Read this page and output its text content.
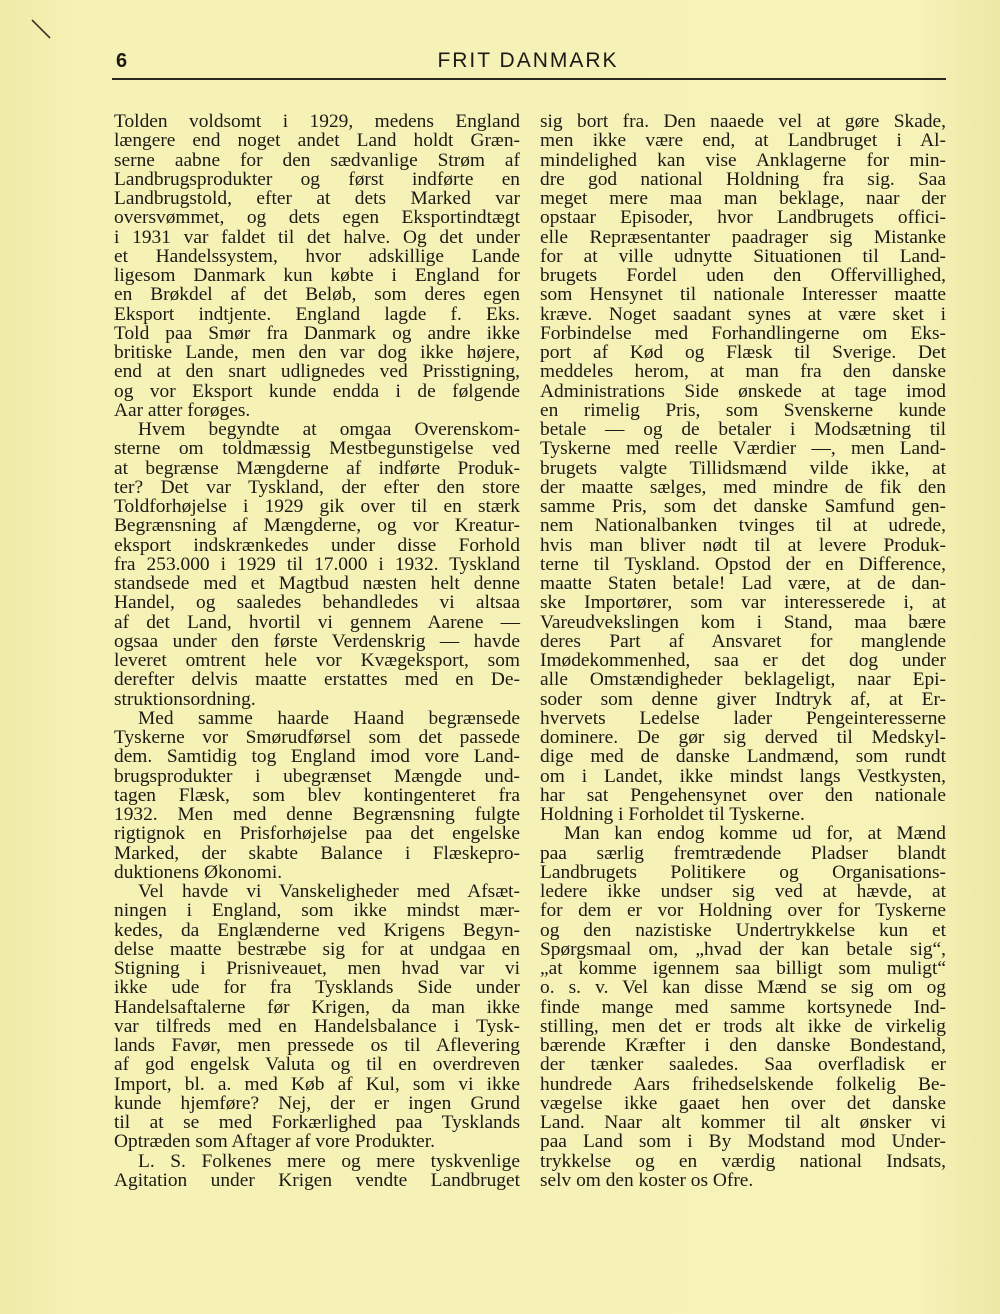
6	FRIT DANMARK
Tolden voldsomt i 1929, medens England
længere end noget andet Land holdt Græn-
serne aabne for den sædvanlige Strøm af
Landbrugsprodukter og først indførte en
Landbrugstold, efter at dets Marked var
oversvømmet, og dets egen Eksportindtægt
i 1931 var faldet til det halve. Og det under
et Handelssystem, hvor adskillige Lande
ligesom Danmark kun købte i England for
en Brøkdel af det Beløb, som deres egen
Eksport indtjente. England lagde f. Eks.
Told paa Smør fra Danmark og andre ikke
britiske Lande, men den var dog ikke højere,
end at den snart udlignedes ved Prisstigning,
og vor Eksport kunde endda i de følgende
Aar atter forøges.
Hvem begyndte at omgaa Overenskom-
sterne om toldmæssig Mestbegunstigelse ved
at begrænse Mængderne af indførte Produk-
ter? Det var Tyskland, der efter den store
Toldforhøjelse i 1929 gik over til en stærk
Begrænsning af Mængderne, og vor Kreatur-
eksport indskrænkedes under disse Forhold
fra 253.000 i 1929 til 17.000 i 1932. Tyskland
standsede med et Magtbud næsten helt denne
Handel, og saaledes behandledes vi altsaa
af det Land, hvortil vi gennem Aarene —
ogsaa under den første Verdenskrig — havde
leveret omtrent hele vor Kvægeksport, som
derefter delvis maatte erstattes med en De-
struktionsordning.
Med samme haarde Haand begrænsede
Tyskerne vor Smørudførsel som det passede
dem. Samtidig tog England imod vore Land-
brugsprodukter i ubegrænset Mængde und-
tagen Flæsk, som blev kontingenteret fra
1932. Men med denne Begrænsning fulgte
rigtignok en Prisforhøjelse paa det engelske
Marked, der skabte Balance i Flæskepro-
duktionens Økonomi.
Vel havde vi Vanskeligheder med Afsæt-
ningen i England, som ikke mindst mær-
kedes, da Englænderne ved Krigens Begyn-
delse maatte bestræbe sig for at undgaa en
Stigning i Prisniveauet, men hvad var vi
ikke ude for fra Tysklands Side under
Handelsaftalerne før Krigen, da man ikke
var tilfreds med en Handelsbalance i Tysk-
lands Favør, men pressede os til Aflevering
af god engelsk Valuta og til en overdreven
Import, bl. a. med Køb af Kul, som vi ikke
kunde hjemføre? Nej, der er ingen Grund
til at se med Forkærlighed paa Tysklands
Optræden som Aftager af vore Produkter.
L. S. Folkenes mere og mere tyskvenlige
Agitation under Krigen vendte Landbruget
sig bort fra. Den naaede vel at gøre Skade,
men ikke være end, at Landbruget i Al-
mindelighed kan vise Anklagerne for min-
dre god national Holdning fra sig. Saa
meget mere maa man beklage, naar der
opstaar Episoder, hvor Landbrugets offici-
elle Repræsentanter paadrager sig Mistanke
for at ville udnytte Situationen til Land-
brugets Fordel uden den Offervillighed,
som Hensynet til nationale Interesser maatte
kræve. Noget saadant synes at være sket i
Forbindelse med Forhandlingerne om Eks-
port af Kød og Flæsk til Sverige. Det
meddeles herom, at man fra den danske
Administrations Side ønskede at tage imod
en rimelig Pris, som Svenskerne kunde
betale — og de betaler i Modsætning til
Tyskerne med reelle Værdier —, men Land-
brugets valgte Tillidsmænd vilde ikke, at
der maatte sælges, med mindre de fik den
samme Pris, som det danske Samfund gen-
nem Nationalbanken tvinges til at udrede,
hvis man bliver nødt til at levere Produk-
terne til Tyskland. Opstod der en Difference,
maatte Staten betale! Lad være, at de dan-
ske Importører, som var interesserede i, at
Vareudvekslingen kom i Stand, maa bære
deres Part af Ansvaret for manglende
Imødekommenhed, saa er det dog under
alle Omstændigheder beklageligt, naar Epi-
soder som denne giver Indtryk af, at Er-
hvervets Ledelse lader Pengeinteresserne
dominere. De gør sig derved til Medskyl-
dige med de danske Landmænd, som rundt
om i Landet, ikke mindst langs Vestkysten,
har sat Pengehensynet over den nationale
Holdning i Forholdet til Tyskerne.
Man kan endog komme ud for, at Mænd
paa særlig fremtrædende Pladser blandt
Landbrugets Politikere og Organisations-
ledere ikke undser sig ved at hævde, at
for dem er vor Holdning over for Tyskerne
og den nazistiske Undertrykkelse kun et
Spørgsmaal om, „hvad der kan betale sig“,
„at komme igennem saa billigt som muligt“
o. s. v. Vel kan disse Mænd se sig om og
finde mange med samme kortsynede Ind-
stilling, men det er trods alt ikke de virkelig
bærende Kræfter i den danske Bondestand,
der tænker saaledes. Saa overfladisk er
hundrede Aars frihedselskende folkelig Be-
vægelse ikke gaaet hen over det danske
Land. Naar alt kommer til alt ønsker vi
paa Land som i By Modstand mod Under-
trykkelse og en værdig national Indsats,
selv om den koster os Ofre.
